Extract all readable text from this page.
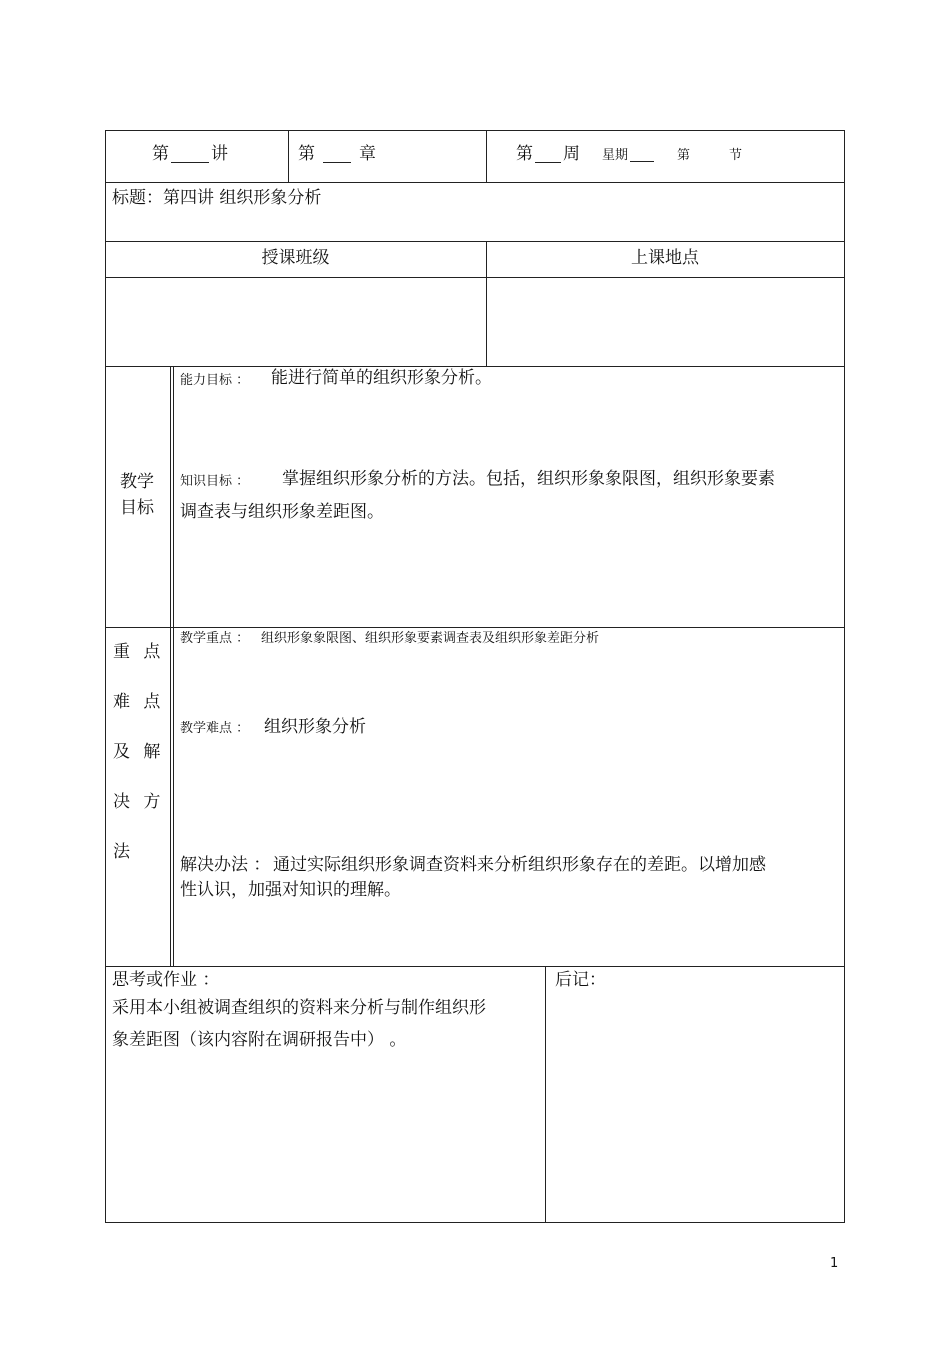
第 讲	第	章	第 周 星期	第	节
标题：第四讲 组织形象分析
授课班级	上课地点
教学
目标
能力目标 ： 能进行简单的组织形象分析。
知识目标 ： 掌握组织形象分析的方法。包括，组织形象象限图，组织形象要素
调查表与组织形象差距图。
重 点
难 点
及 解
决 方
法
教学重点 ： 组织形象象限图、组织形象要素调查表及组织形象差距分析
教学难点 ： 组织形象分析
解决办法 ： 通过实际组织形象调查资料来分析组织形象存在的差距。以增加感
性认识，加强对知识的理解。
思考或作业 ：
采用本小组被调查组织的资料来分析与制作组织形
象差距图（该内容附在调研报告中） 。
后记：
1
